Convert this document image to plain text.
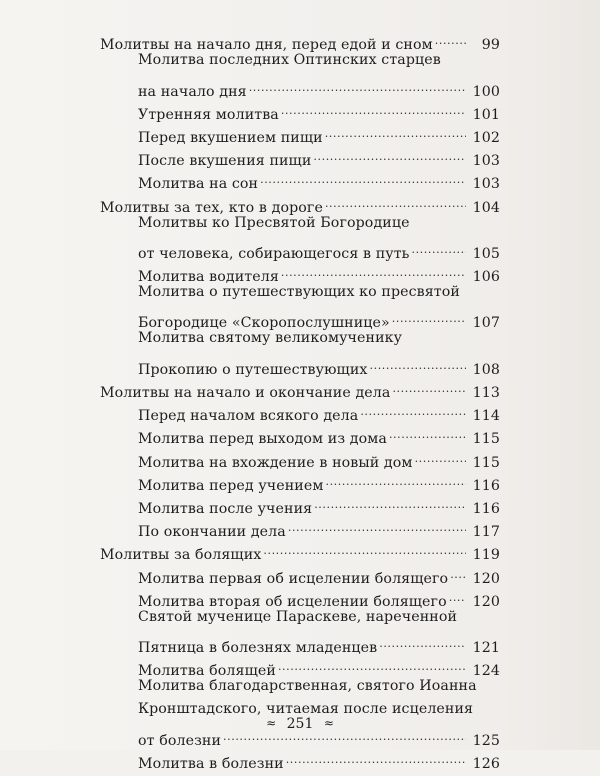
Молитвы на начало дня, перед едой и сном .....	99
Молитва последних Оптинских старцев
на начало дня .....	100
Утренняя молитва .....	101
Перед вкушением пищи .....	102
После вкушения пищи .....	103
Молитва на сон .....	103
Молитвы за тех, кто в дороге .....	104
Молитвы ко Пресвятой Богородице
от человека, собирающегося в путь .....	105
Молитва водителя .....	106
Молитва о путешествующих ко пресвятой
Богородице «Скоропослушнице» .....	107
Молитва святому великомученику
Прокопию о путешествующих .....	108
Молитвы на начало и окончание дела .....	113
Перед началом всякого дела .....	114
Молитва перед выходом из дома .....	115
Молитва на вхождение в новый дом .....	115
Молитва перед учением .....	116
Молитва после учения .....	116
По окончании дела .....	117
Молитвы за болящих .....	119
Молитва первая об исцелении болящего ..... 120
Молитва вторая об исцелении болящего ..... 120
Святой мученице Параскеве, нареченной
Пятница в болезнях младенцев .....	121
Молитва болящей .....	124
Молитва благодарственная, святого Иоанна
Кронштадского, читаемая после исцеления
от болезни .....	125
Молитва в болезни .....	126
≈ 251 ≈
